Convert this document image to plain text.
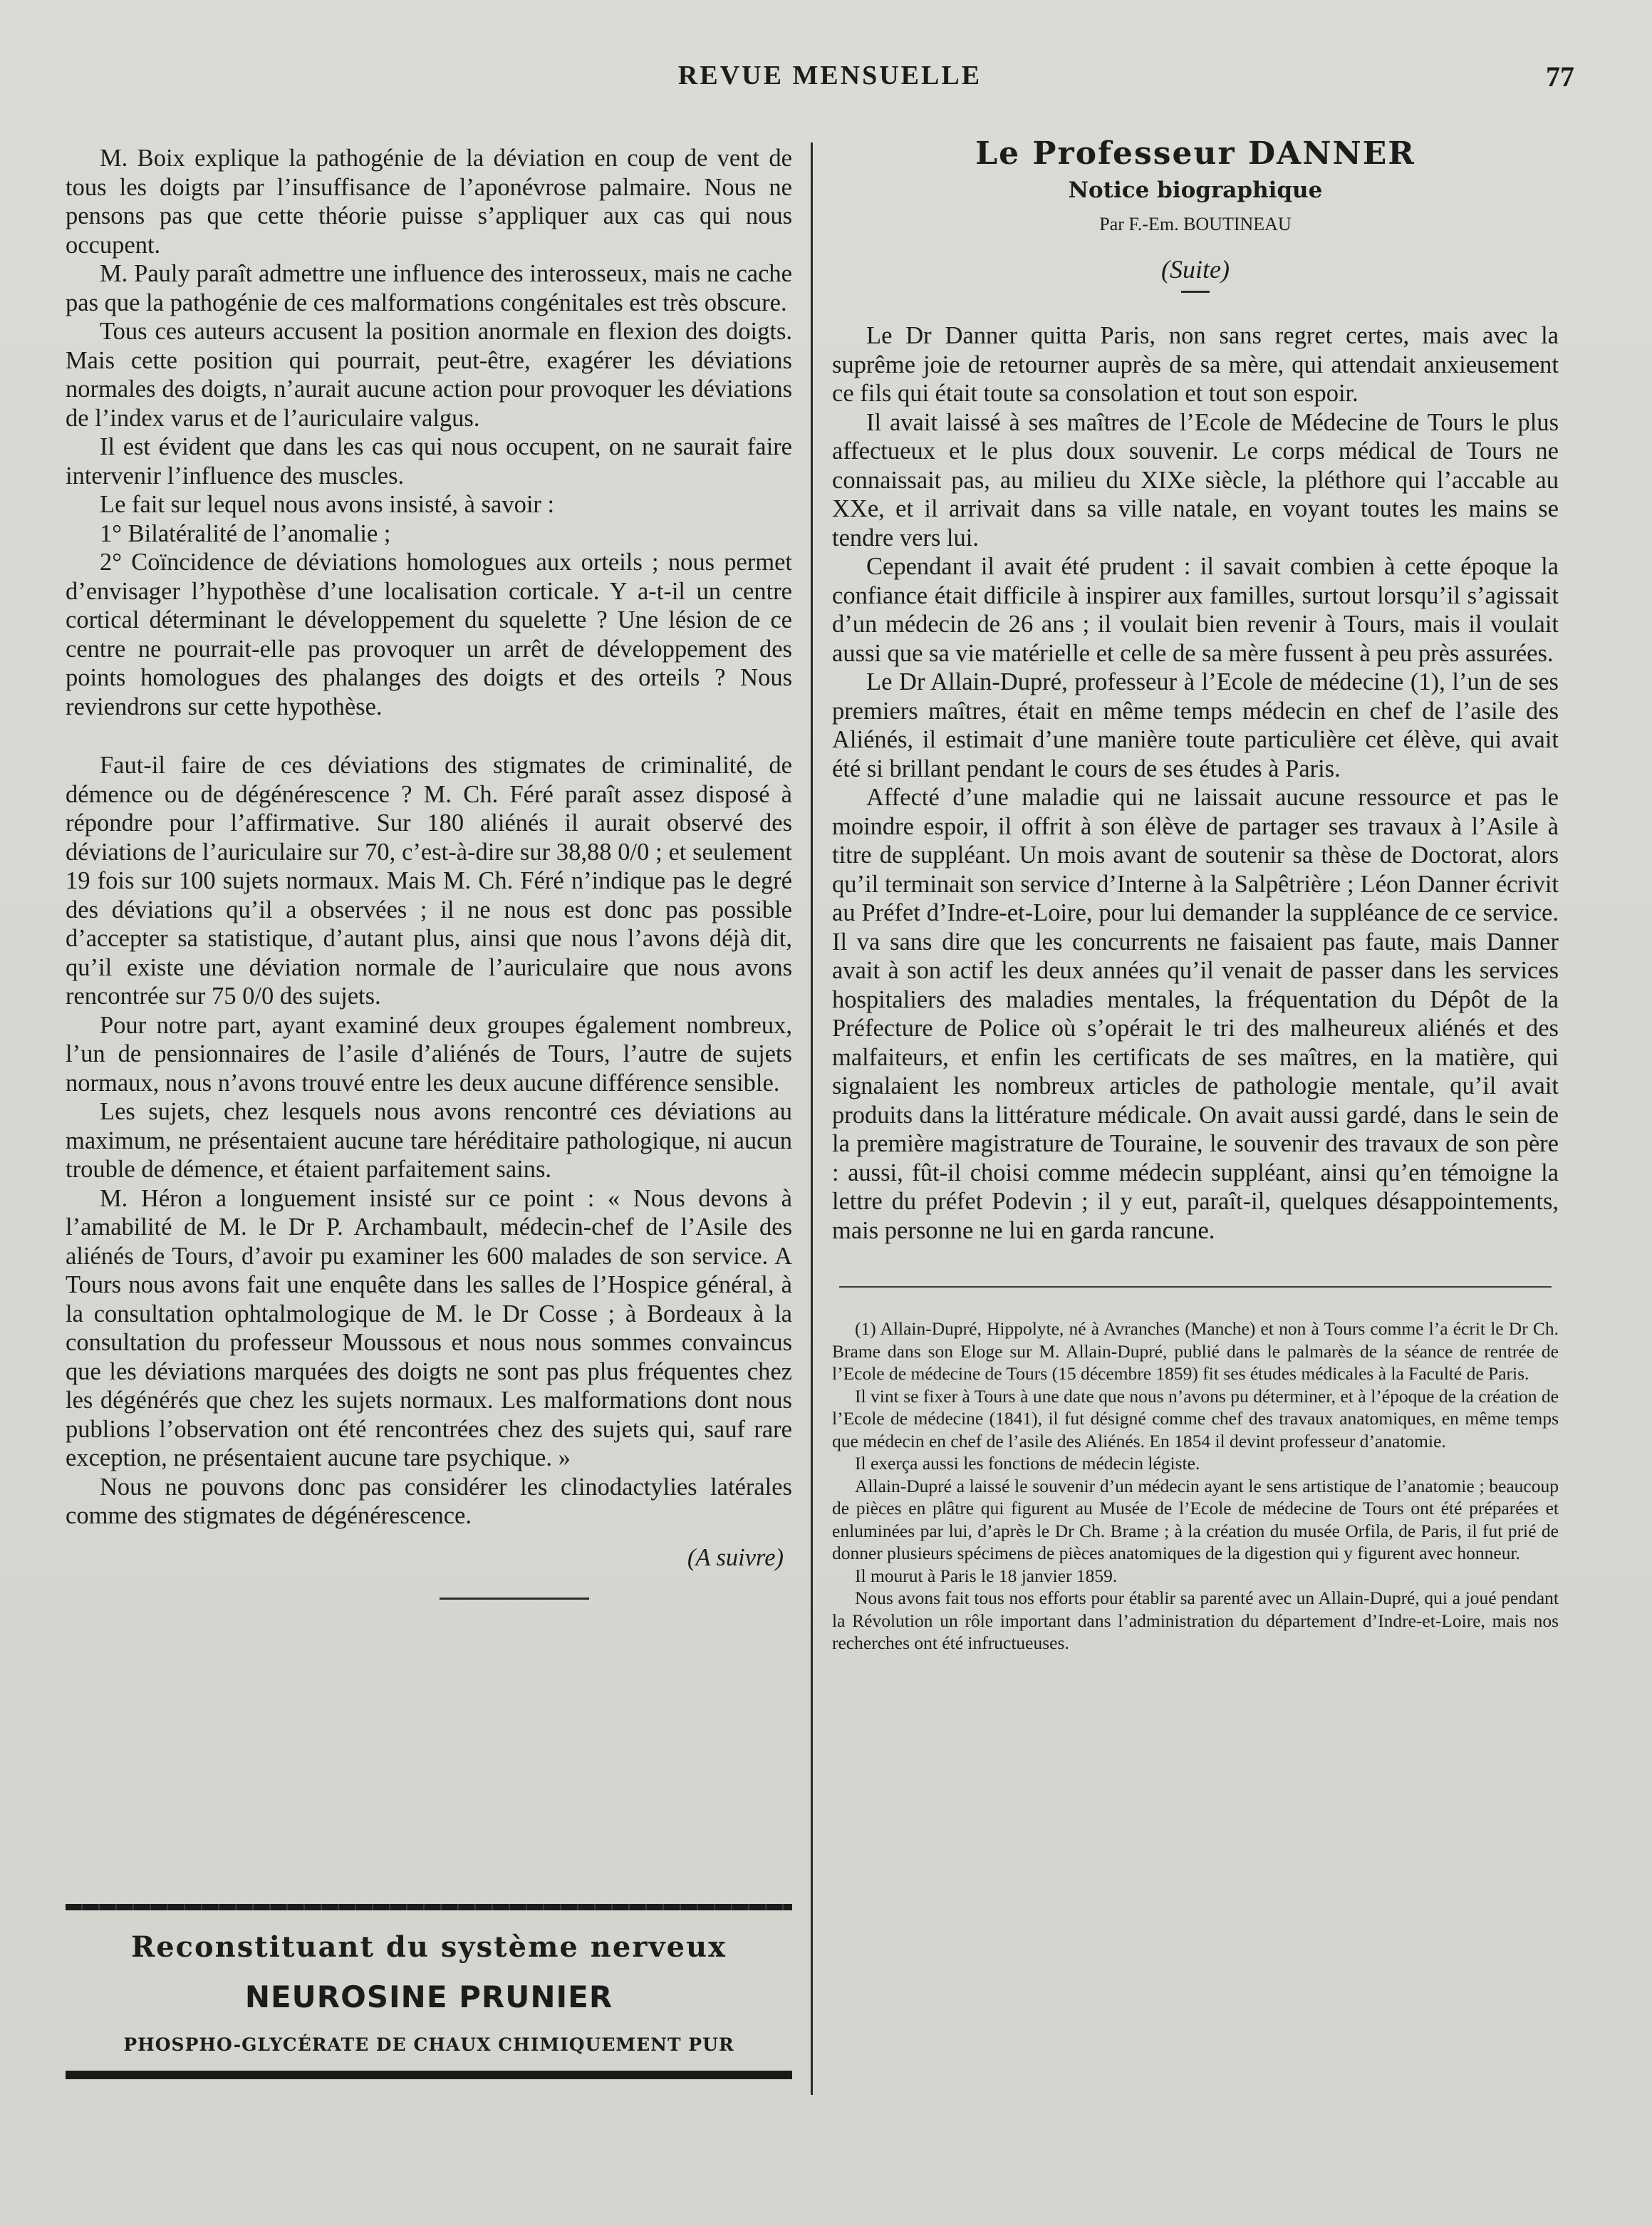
REVUE MENSUELLE	77

M. Boix explique la pathogénie de la déviation en coup de vent de tous les doigts par l’insuffisance de l’aponévrose palmaire. Nous ne pensons pas que cette théorie puisse s’appliquer aux cas qui nous occupent.

M. Pauly paraît admettre une influence des interosseux, mais ne cache pas que la pathogénie de ces malformations congénitales est très obscure.

Tous ces auteurs accusent la position anormale en flexion des doigts. Mais cette position qui pourrait, peut-être, exagérer les déviations normales des doigts, n’aurait aucune action pour provoquer les déviations de l’index varus et de l’auriculaire valgus.

Il est évident que dans les cas qui nous occupent, on ne saurait faire intervenir l’influence des muscles.

Le fait sur lequel nous avons insisté, à savoir :

1° Bilatéralité de l’anomalie ;

2° Coïncidence de déviations homologues aux orteils ; nous permet d’envisager l’hypothèse d’une localisation corticale. Y a-t-il un centre cortical déterminant le développement du squelette ? Une lésion de ce centre ne pourrait-elle pas provoquer un arrêt de développement des points homologues des phalanges des doigts et des orteils ? Nous reviendrons sur cette hypothèse.

Faut-il faire de ces déviations des stigmates de criminalité, de démence ou de dégénérescence ? M. Ch. Féré paraît assez disposé à répondre pour l’affirmative. Sur 180 aliénés il aurait observé des déviations de l’auriculaire sur 70, c’est-à-dire sur 38,88 0/0 ; et seulement 19 fois sur 100 sujets normaux. Mais M. Ch. Féré n’indique pas le degré des déviations qu’il a observées ; il ne nous est donc pas possible d’accepter sa statistique, d’autant plus, ainsi que nous l’avons déjà dit, qu’il existe une déviation normale de l’auriculaire que nous avons rencontrée sur 75 0/0 des sujets.

Pour notre part, ayant examiné deux groupes également nombreux, l’un de pensionnaires de l’asile d’aliénés de Tours, l’autre de sujets normaux, nous n’avons trouvé entre les deux aucune différence sensible.

Les sujets, chez lesquels nous avons rencontré ces déviations au maximum, ne présentaient aucune tare héréditaire pathologique, ni aucun trouble de démence, et étaient parfaitement sains.

M. Héron a longuement insisté sur ce point : « Nous devons à l’amabilité de M. le Dr P. Archambault, médecin-chef de l’Asile des aliénés de Tours, d’avoir pu examiner les 600 malades de son service. A Tours nous avons fait une enquête dans les salles de l’Hospice général, à la consultation ophtalmologique de M. le Dr Cosse ; à Bordeaux à la consultation du professeur Moussous et nous nous sommes convaincus que les déviations marquées des doigts ne sont pas plus fréquentes chez les dégénérés que chez les sujets normaux. Les malformations dont nous publions l’observation ont été rencontrées chez des sujets qui, sauf rare exception, ne présentaient aucune tare psychique. »

Nous ne pouvons donc pas considérer les clinodactylies latérales comme des stigmates de dégénérescence.

(A suivre)
Reconstituant du système nerveux
NEUROSINE PRUNIER
PHOSPHO-GLYCÉRATE DE CHAUX CHIMIQUEMENT PUR
Le Professeur DANNER
Notice biographique
Par F.-Em. BOUTINEAU
(Suite)

Le Dr Danner quitta Paris, non sans regret certes, mais avec la suprême joie de retourner auprès de sa mère, qui attendait anxieusement ce fils qui était toute sa consolation et tout son espoir.

Il avait laissé à ses maîtres de l’Ecole de Médecine de Tours le plus affectueux et le plus doux souvenir. Le corps médical de Tours ne connaissait pas, au milieu du XIXe siècle, la pléthore qui l’accable au XXe, et il arrivait dans sa ville natale, en voyant toutes les mains se tendre vers lui.

Cependant il avait été prudent : il savait combien à cette époque la confiance était difficile à inspirer aux familles, surtout lorsqu’il s’agissait d’un médecin de 26 ans ; il voulait bien revenir à Tours, mais il voulait aussi que sa vie matérielle et celle de sa mère fussent à peu près assurées.

Le Dr Allain-Dupré, professeur à l’Ecole de médecine (1), l’un de ses premiers maîtres, était en même temps médecin en chef de l’asile des Aliénés, il estimait d’une manière toute particulière cet élève, qui avait été si brillant pendant le cours de ses études à Paris.

Affecté d’une maladie qui ne laissait aucune ressource et pas le moindre espoir, il offrit à son élève de partager ses travaux à l’Asile à titre de suppléant. Un mois avant de soutenir sa thèse de Doctorat, alors qu’il terminait son service d’Interne à la Salpêtrière ; Léon Danner écrivit au Préfet d’Indre-et-Loire, pour lui demander la suppléance de ce service. Il va sans dire que les concurrents ne faisaient pas faute, mais Danner avait à son actif les deux années qu’il venait de passer dans les services hospitaliers des maladies mentales, la fréquentation du Dépôt de la Préfecture de Police où s’opérait le tri des malheureux aliénés et des malfaiteurs, et enfin les certificats de ses maîtres, en la matière, qui signalaient les nombreux articles de pathologie mentale, qu’il avait produits dans la littérature médicale. On avait aussi gardé, dans le sein de la première magistrature de Touraine, le souvenir des travaux de son père : aussi, fût-il choisi comme médecin suppléant, ainsi qu’en témoigne la lettre du préfet Podevin ; il y eut, paraît-il, quelques désappointements, mais personne ne lui en garda rancune.

(1) Allain-Dupré, Hippolyte, né à Avranches (Manche) et non à Tours comme l’a écrit le Dr Ch. Brame dans son Eloge sur M. Allain-Dupré, publié dans le palmarès de la séance de rentrée de l’Ecole de médecine de Tours (15 décembre 1859) fit ses études médicales à la Faculté de Paris.

Il vint se fixer à Tours à une date que nous n’avons pu déterminer, et à l’époque de la création de l’Ecole de médecine (1841), il fut désigné comme chef des travaux anatomiques, en même temps que médecin en chef de l’asile des Aliénés. En 1854 il devint professeur d’anatomie.

Il exerça aussi les fonctions de médecin légiste.

Allain-Dupré a laissé le souvenir d’un médecin ayant le sens artistique de l’anatomie ; beaucoup de pièces en plâtre qui figurent au Musée de l’Ecole de médecine de Tours ont été préparées et enluminées par lui, d’après le Dr Ch. Brame ; à la création du musée Orfila, de Paris, il fut prié de donner plusieurs spécimens de pièces anatomiques de la digestion qui y figurent avec honneur.

Il mourut à Paris le 18 janvier 1859.

Nous avons fait tous nos efforts pour établir sa parenté avec un Allain-Dupré, qui a joué pendant la Révolution un rôle important dans l’administration du département d’Indre-et-Loire, mais nos recherches ont été infructueuses.
